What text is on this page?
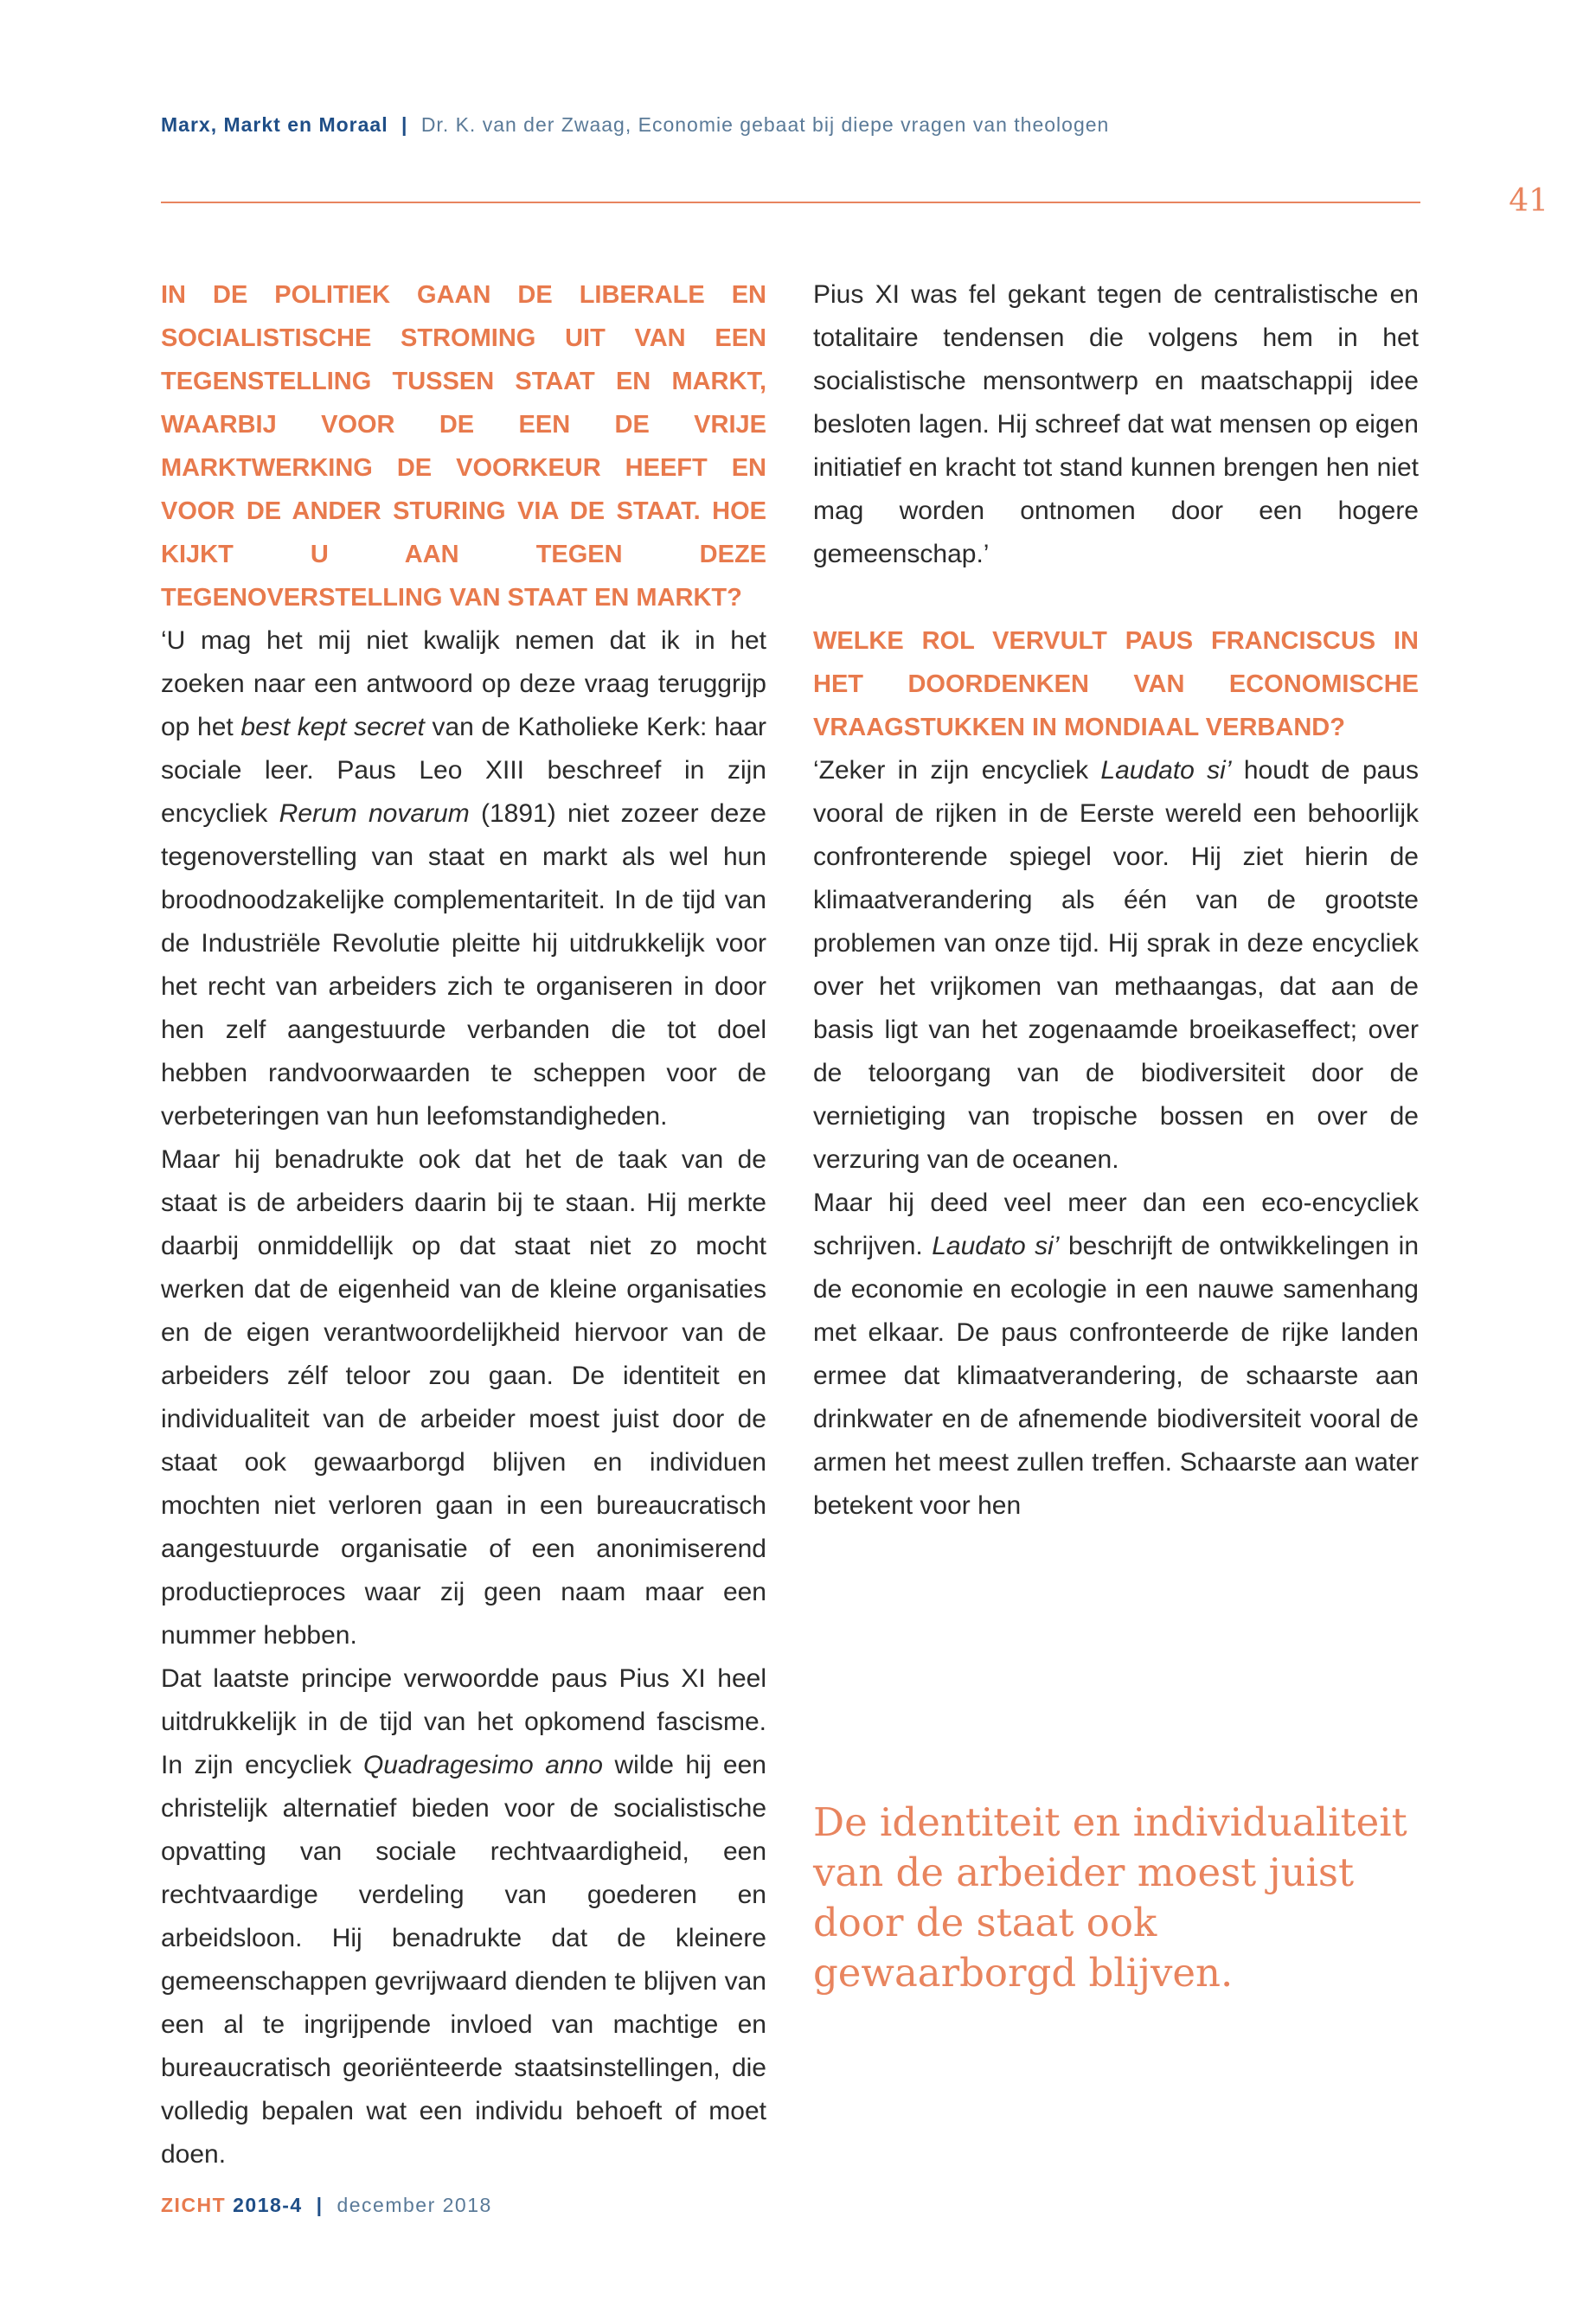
Marx, Markt en Moraal | Dr. K. van der Zwaag, Economie gebaat bij diepe vragen van theologen
41
IN DE POLITIEK GAAN DE LIBERALE EN SOCIALISTISCHE STROMING UIT VAN EEN TEGENSTELLING TUSSEN STAAT EN MARKT, WAARBIJ VOOR DE EEN DE VRIJE MARKTWERKING DE VOORKEUR HEEFT EN VOOR DE ANDER STURING VIA DE STAAT. HOE KIJKT U AAN TEGEN DEZE TEGENOVERSTELLING VAN STAAT EN MARKT?

‘U mag het mij niet kwalijk nemen dat ik in het zoeken naar een antwoord op deze vraag teruggrijp op het best kept secret van de Katholieke Kerk: haar sociale leer. Paus Leo XIII beschreef in zijn encycliek Rerum novarum (1891) niet zozeer deze tegenoverstelling van staat en markt als wel hun broodnoodzakelijke complementariteit. In de tijd van de Industriële Revolutie pleitte hij uitdrukkelijk voor het recht van arbeiders zich te organiseren in door hen zelf aangestuurde verbanden die tot doel hebben randvoorwaarden te scheppen voor de verbeteringen van hun leefomstandigheden.

Maar hij benadrukte ook dat het de taak van de staat is de arbeiders daarin bij te staan. Hij merkte daarbij onmiddellijk op dat staat niet zo mocht werken dat de eigenheid van de kleine organisaties en de eigen verantwoordelijkheid hiervoor van de arbeiders zélf teloor zou gaan. De identiteit en individualiteit van de arbeider moest juist door de staat ook gewaarborgd blijven en individuen mochten niet verloren gaan in een bureaucratisch aangestuurde organisatie of een anonimiserend productieproces waar zij geen naam maar een nummer hebben.

Dat laatste principe verwoordde paus Pius XI heel uitdrukkelijk in de tijd van het opkomend fascisme. In zijn encycliek Quadragesimo anno wilde hij een christelijk alternatief bieden voor de socialistische opvatting van sociale rechtvaardigheid, een rechtvaardige verdeling van goederen en arbeidsloon. Hij benadrukte dat de kleinere gemeenschappen gevrijwaard dienden te blijven van een al te ingrijpende invloed van machtige en bureaucratisch georiënteerde staatsinstellingen, die volledig bepalen wat een individu behoeft of moet doen.

Pius XI was fel gekant tegen de centralistische en totalitaire tendensen die volgens hem in het socialistische mensontwerp en maatschappij idee besloten lagen. Hij schreef dat wat mensen op eigen initiatief en kracht tot stand kunnen brengen hen niet mag worden ontnomen door een hogere gemeenschap.’

WELKE ROL VERVULT PAUS FRANCISCUS IN HET DOORDENKEN VAN ECONOMISCHE VRAAGSTUKKEN IN MONDIAAL VERBAND?

‘Zeker in zijn encycliek Laudato si’ houdt de paus vooral de rijken in de Eerste wereld een behoorlijk confronterende spiegel voor. Hij ziet hierin de klimaatverandering als één van de grootste problemen van onze tijd. Hij sprak in deze encycliek over het vrijkomen van methaangas, dat aan de basis ligt van het zogenaamde broeikaseffect; over de teloorgang van de biodiversiteit door de vernietiging van tropische bossen en over de verzuring van de oceanen.

Maar hij deed veel meer dan een eco-encycliek schrijven. Laudato si’ beschrijft de ontwikkelingen in de economie en ecologie in een nauwe samenhang met elkaar. De paus confronteerde de rijke landen ermee dat klimaatverandering, de schaarste aan drinkwater en de afnemende biodiversiteit vooral de armen het meest zullen treffen. Schaarste aan water betekent voor hen

De identiteit en individualiteit van de arbeider moest juist door de staat ook gewaarborgd blijven.
ZICHT 2018-4 | december 2018
